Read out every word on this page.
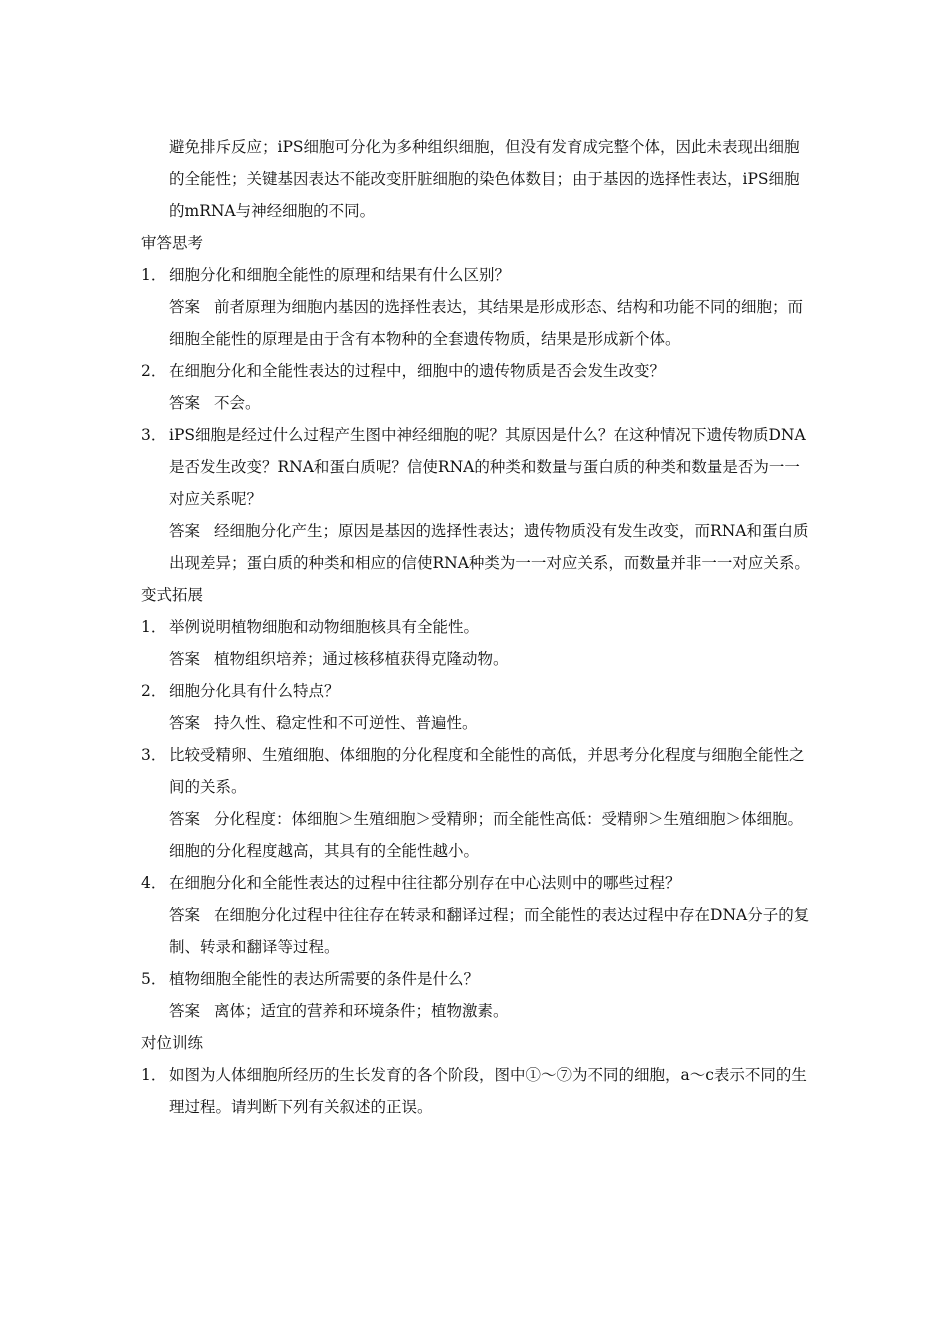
避免排斥反应；iPS细胞可分化为多种组织细胞，但没有发育成完整个体，因此未表现出细胞的全能性；关键基因表达不能改变肝脏细胞的染色体数目；由于基因的选择性表达，iPS细胞的mRNA与神经细胞的不同。

审答思考

1． 细胞分化和细胞全能性的原理和结果有什么区别？

答案 前者原理为细胞内基因的选择性表达，其结果是形成形态、结构和功能不同的细胞；而细胞全能性的原理是由于含有本物种的全套遗传物质，结果是形成新个体。

2． 在细胞分化和全能性表达的过程中，细胞中的遗传物质是否会发生改变？

答案 不会。

3． iPS细胞是经过什么过程产生图中神经细胞的呢？其原因是什么？在这种情况下遗传物质DNA是否发生改变？RNA和蛋白质呢？信使RNA的种类和数量与蛋白质的种类和数量是否为一一对应关系呢？

答案 经细胞分化产生；原因是基因的选择性表达；遗传物质没有发生改变，而RNA和蛋白质出现差异；蛋白质的种类和相应的信使RNA种类为一一对应关系，而数量并非一一对应关系。

变式拓展

1． 举例说明植物细胞和动物细胞核具有全能性。

答案 植物组织培养；通过核移植获得克隆动物。

2． 细胞分化具有什么特点？

答案 持久性、稳定性和不可逆性、普遍性。

3． 比较受精卵、生殖细胞、体细胞的分化程度和全能性的高低，并思考分化程度与细胞全能性之间的关系。

答案 分化程度：体细胞＞生殖细胞＞受精卵；而全能性高低：受精卵＞生殖细胞＞体细胞。细胞的分化程度越高，其具有的全能性越小。

4． 在细胞分化和全能性表达的过程中往往都分别存在中心法则中的哪些过程？

答案 在细胞分化过程中往往存在转录和翻译过程；而全能性的表达过程中存在DNA分子的复制、转录和翻译等过程。

5． 植物细胞全能性的表达所需要的条件是什么？

答案 离体；适宜的营养和环境条件；植物激素。

对位训练

1． 如图为人体细胞所经历的生长发育的各个阶段，图中①～⑦为不同的细胞，a～c表示不同的生理过程。请判断下列有关叙述的正误。
